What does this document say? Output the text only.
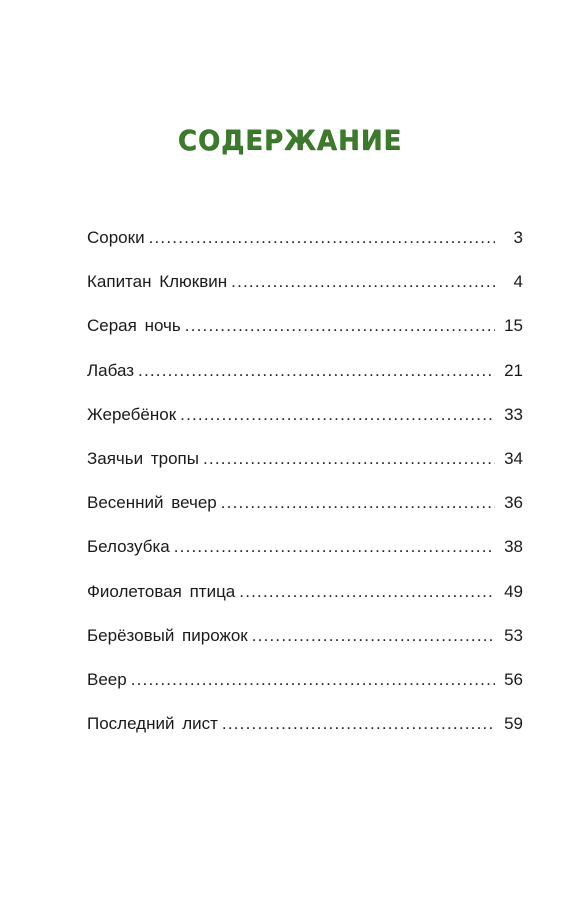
СОДЕРЖАНИЕ
Сороки .....	3
Капитан Клюквин .....	4
Серая ночь .....	15
Лабаз .....	21
Жеребёнок .....	33
Заячьи тропы .....	34
Весенний вечер .....	36
Белозубка .....	38
Фиолетовая птица .....	49
Берёзовый пирожок .....	53
Веер .....	56
Последний лист .....	59
